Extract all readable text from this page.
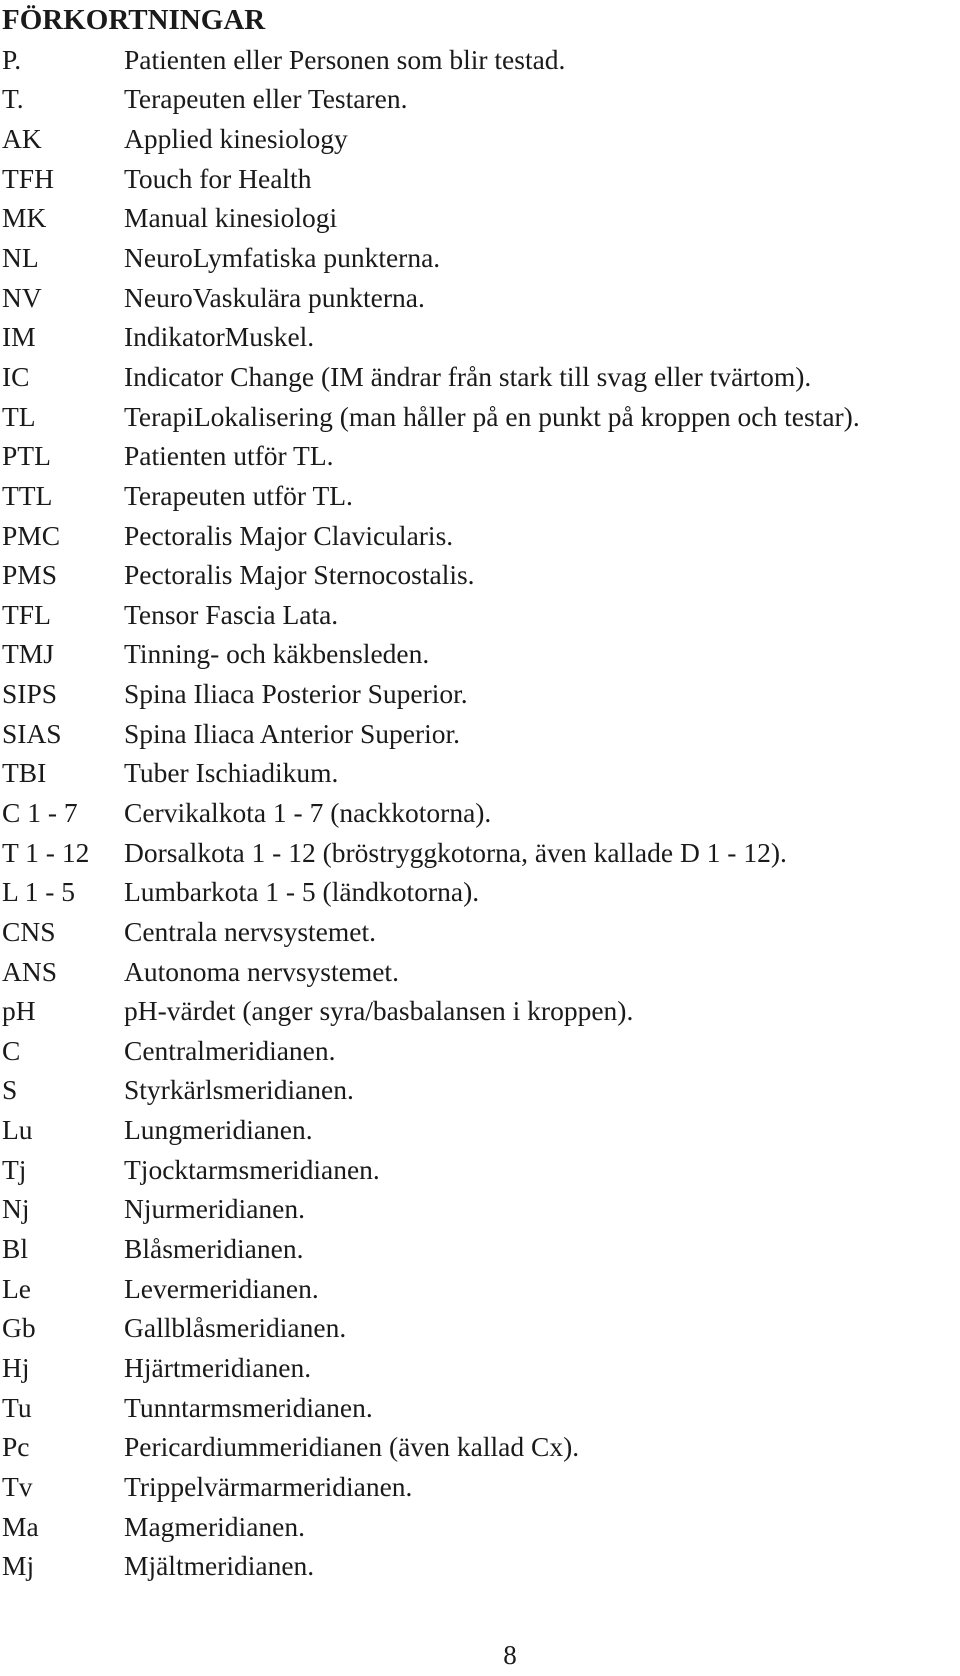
FÖRKORTNINGAR
P.	Patienten eller Personen som blir testad.
T.	Terapeuten eller Testaren.
AK	Applied kinesiology
TFH	Touch for Health
MK	Manual kinesiologi
NL	NeuroLymfatiska punkterna.
NV	NeuroVaskulära punkterna.
IM	IndikatorMuskel.
IC	Indicator Change (IM ändrar från stark till svag eller tvärtom).
TL	TerapiLokalisering (man håller på en punkt på kroppen och testar).
PTL	Patienten utför TL.
TTL	Terapeuten utför TL.
PMC	Pectoralis Major Clavicularis.
PMS	Pectoralis Major Sternocostalis.
TFL	Tensor Fascia Lata.
TMJ	Tinning- och käkbensleden.
SIPS	Spina Iliaca Posterior Superior.
SIAS	Spina Iliaca Anterior Superior.
TBI	Tuber Ischiadikum.
C 1 - 7	Cervikalkota 1 - 7 (nackkotorna).
T 1 - 12	Dorsalkota 1 - 12 (bröstryggkotorna, även kallade D 1 - 12).
L 1 - 5	Lumbarkota 1 - 5 (ländkotorna).
CNS	Centrala nervsystemet.
ANS	Autonoma nervsystemet.
pH	pH-värdet (anger syra/basbalansen i kroppen).
C	Centralmeridianen.
S	Styrkärlsmeridianen.
Lu	Lungmeridianen.
Tj	Tjocktarmsmeridianen.
Nj	Njurmeridianen.
Bl	Blåsmeridianen.
Le	Levermeridianen.
Gb	Gallblåsmeridianen.
Hj	Hjärtmeridianen.
Tu	Tunntarmsmeridianen.
Pc	Pericardiummeridianen (även kallad Cx).
Tv	Trippelvärmarmeridianen.
Ma	Magmeridianen.
Mj	Mjältmeridianen.
8
